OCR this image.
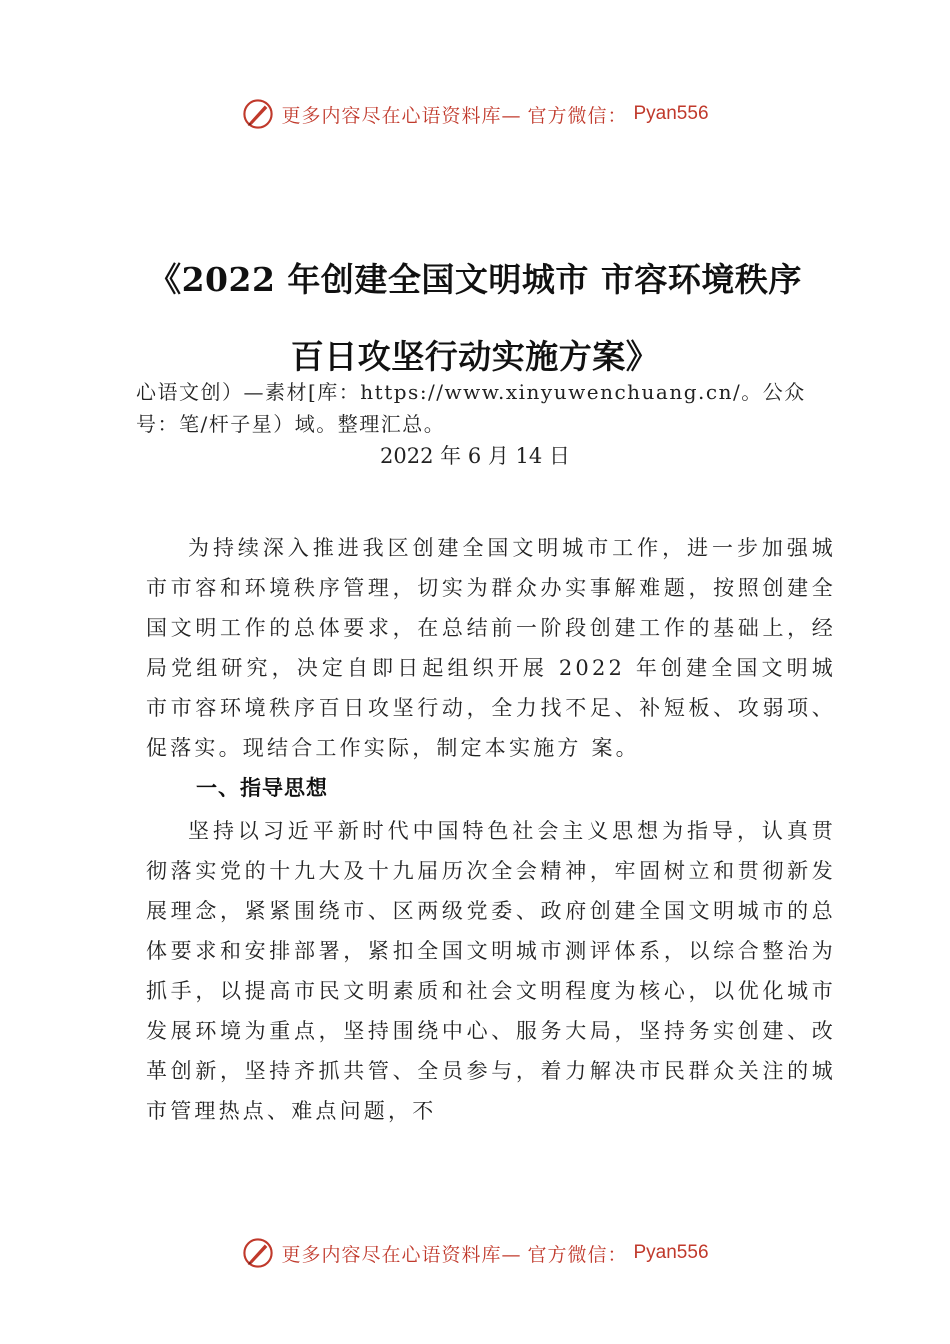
更多内容尽在心语资料库— 官方微信： Pyan556
《2022 年创建全国文明城市 市容环境秩序
百日攻坚行动实施方案》
心语文创）—素材[库：https://www.xinyuwenchuang.cn/。公众号：笔/杆子星）域。整理汇总。
2022 年 6 月 14 日

为持续深入推进我区创建全国文明城市工作，进一步加强城市市容和环境秩序管理，切实为群众办实事解难题，按照创建全国文明工作的总体要求，在总结前一阶段创建工作的基础上，经局党组研究，决定自即日起组织开展 2022 年创建全国文明城市市容环境秩序百日攻坚行动，全力找不足、补短板、攻弱项、促落实。现结合工作实际，制定本实施方 案。

一、指导思想

坚持以习近平新时代中国特色社会主义思想为指导，认真贯彻落实党的十九大及十九届历次全会精神，牢固树立和贯彻新发展理念，紧紧围绕市、区两级党委、政府创建全国文明城市的总体要求和安排部署，紧扣全国文明城市测评体系，以综合整治为抓手，以提高市民文明素质和社会文明程度为核心，以优化城市发展环境为重点，坚持围绕中心、服务大局，坚持务实创建、改革创新，坚持齐抓共管、全员参与，着力解决市民群众关注的城市管理热点、难点问题，不

更多内容尽在心语资料库— 官方微信： Pyan556
